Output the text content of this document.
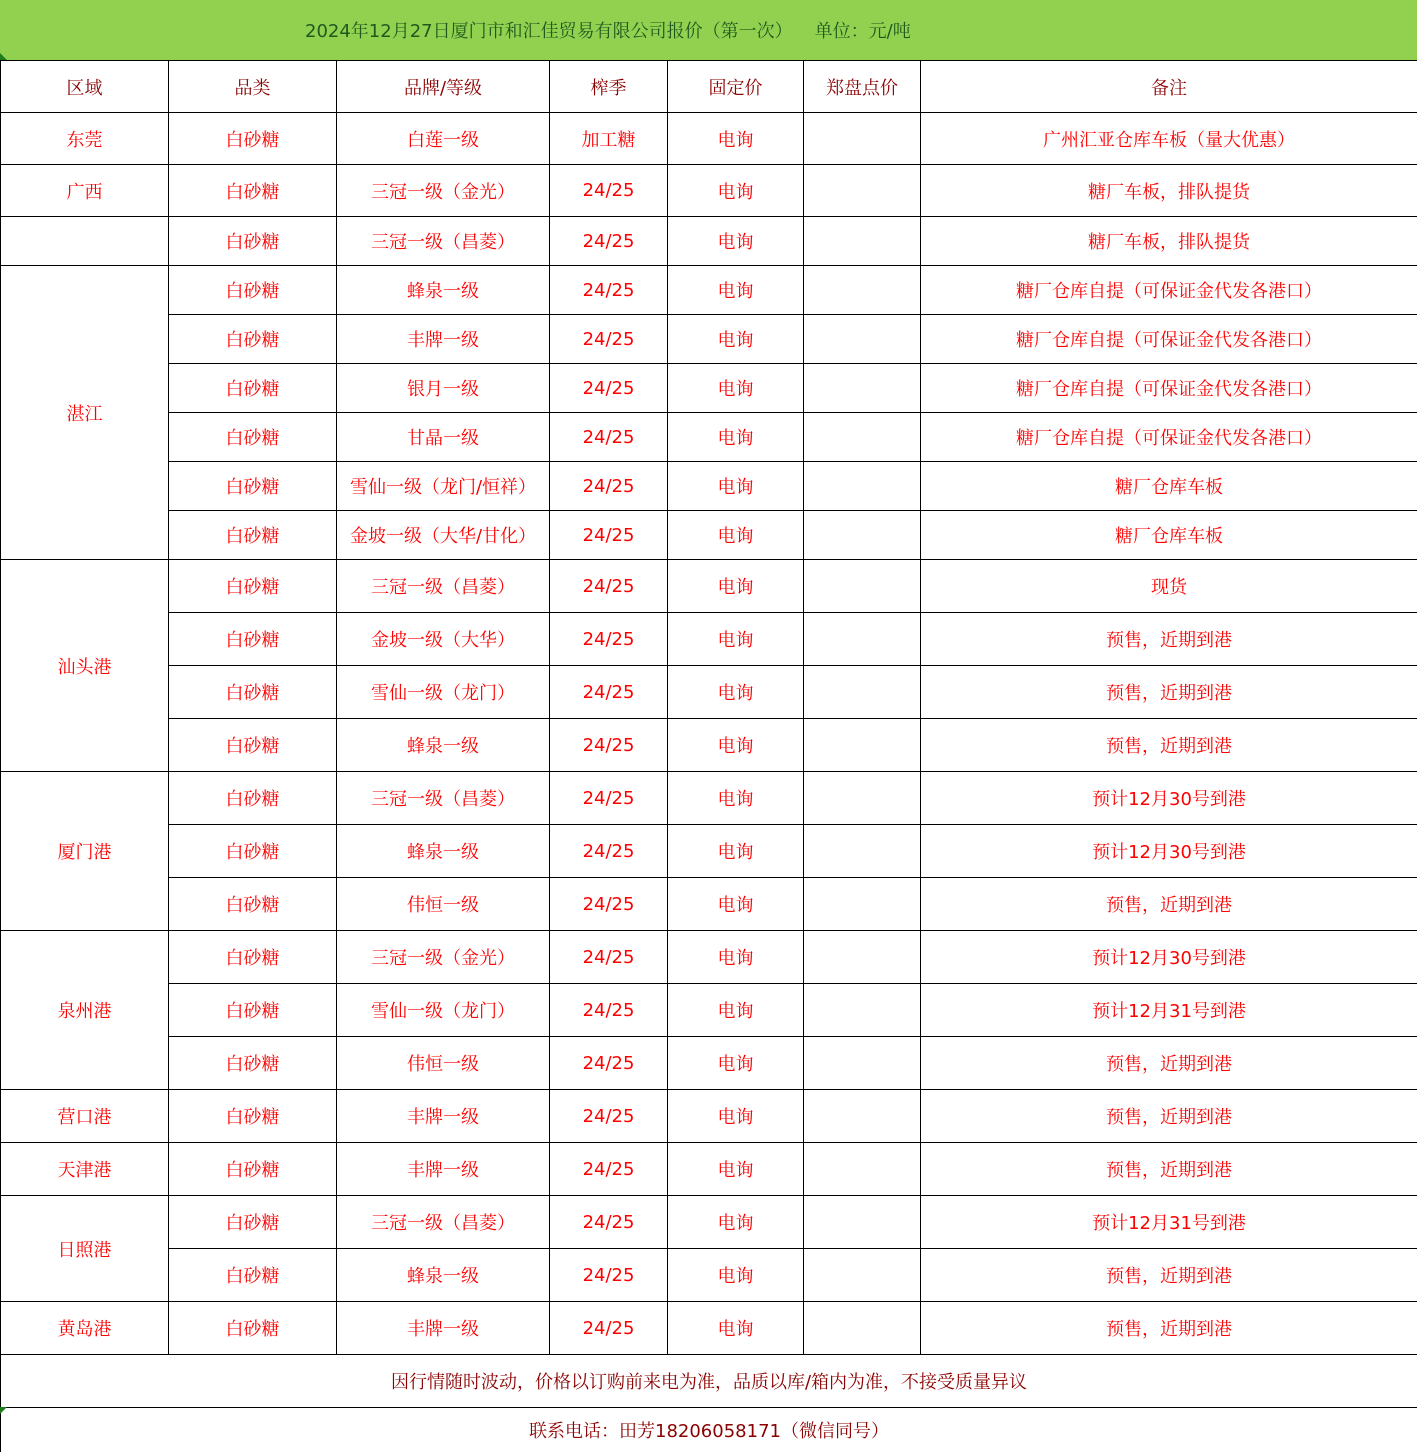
2024年12月27日厦门市和汇佳贸易有限公司报价（第一次） 单位：元/吨
区域	品类	品牌/等级	榨季	固定价	郑盘点价	备注
东莞	白砂糖	白莲一级	加工糖	电询		广州汇亚仓库车板（量大优惠）
广西	白砂糖	三冠一级（金光）	24/25	电询		糖厂车板，排队提货
	白砂糖	三冠一级（昌菱）	24/25	电询		糖厂车板，排队提货
湛江	白砂糖	蜂泉一级	24/25	电询		糖厂仓库自提（可保证金代发各港口）
	白砂糖	丰牌一级	24/25	电询		糖厂仓库自提（可保证金代发各港口）
	白砂糖	银月一级	24/25	电询		糖厂仓库自提（可保证金代发各港口）
	白砂糖	甘晶一级	24/25	电询		糖厂仓库自提（可保证金代发各港口）
	白砂糖	雪仙一级（龙门/恒祥）	24/25	电询		糖厂仓库车板
	白砂糖	金坡一级（大华/甘化）	24/25	电询		糖厂仓库车板
汕头港	白砂糖	三冠一级（昌菱）	24/25	电询		现货
	白砂糖	金坡一级（大华）	24/25	电询		预售，近期到港
	白砂糖	雪仙一级（龙门）	24/25	电询		预售，近期到港
	白砂糖	蜂泉一级	24/25	电询		预售，近期到港
厦门港	白砂糖	三冠一级（昌菱）	24/25	电询		预计12月30号到港
	白砂糖	蜂泉一级	24/25	电询		预计12月30号到港
	白砂糖	伟恒一级	24/25	电询		预售，近期到港
泉州港	白砂糖	三冠一级（金光）	24/25	电询		预计12月30号到港
	白砂糖	雪仙一级（龙门）	24/25	电询		预计12月31号到港
	白砂糖	伟恒一级	24/25	电询		预售，近期到港
营口港	白砂糖	丰牌一级	24/25	电询		预售，近期到港
天津港	白砂糖	丰牌一级	24/25	电询		预售，近期到港
日照港	白砂糖	三冠一级（昌菱）	24/25	电询		预计12月31号到港
	白砂糖	蜂泉一级	24/25	电询		预售，近期到港
黄岛港	白砂糖	丰牌一级	24/25	电询		预售，近期到港
因行情随时波动，价格以订购前来电为准，品质以库/箱内为准，不接受质量异议						
联系电话：田芳18206058171（微信同号）						
